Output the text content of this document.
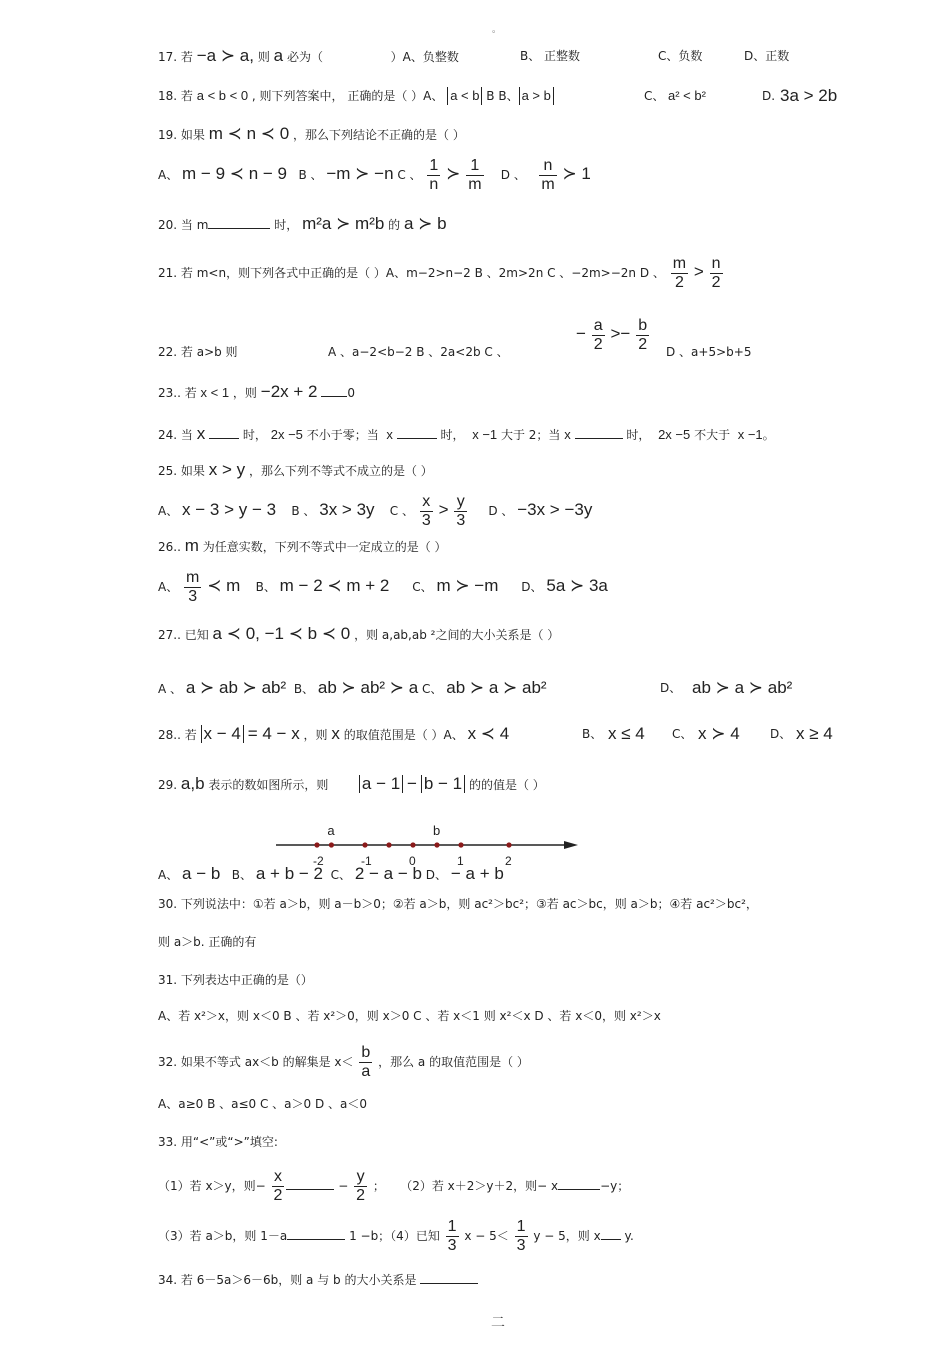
。
17. 若 −a ≻ a, 则 a 必为（	）A、负整数	B、 正整数	C、负数	D、正数
18. 若 a < b < 0 , 则下列答案中， 正确的是（ ）A、 a < b B B、 a > b	C、 a² < b²	D. 3a > 2b
19. 如果 m ≺ n ≺ 0 ，那么下列结论不正确的是（ ）
A、 m − 9 ≺ n − 9 B 、 −m ≻ −n C 、 $\frac{1}{n}$ ≻ $\frac{1}{m}$ D 、 $\frac{n}{m}$ ≻ 1
20. 当 m	时， m²a ≻ m²b 的 a ≻ b
21. 若 m<n，则下列各式中正确的是（ ）A、m−2>n−2 B 、2m>2n C 、−2m>−2n D 、 $\frac{m}{2} > \frac{n}{2}$
22. 若 a>b 则	A 、a−2<b−2 B 、2a<2b C 、
− $\frac{a}{2} >- \frac{b}{2}$ D 、a+5>b+5
23.. 若 x < 1 ，则 −2x + 2 0
24. 当 x	时， 2x −5 不小于零；当 x	时， x −1 大于 2；当 x	时， 2x −5 不大于 x −1。
25. 如果 x > y ，那么下列不等式不成立的是（ ）
A、 x − 3 > y − 3 B 、 3x > 3y C 、 $\frac{x}{3} > \frac{y}{3}$ D 、 −3x > −3y
26.. m 为任意实数，下列不等式中一定成立的是（ ）
A、 $\frac{m}{3}$ ≺ m B、 m − 2 ≺ m + 2 C、 m ≻ −m D、 5a ≻ 3a
27.. 已知 a ≺ 0, −1 ≺ b ≺ 0 ，则 a,ab,ab ²之间的大小关系是（ ）
A 、 a ≻ ab ≻ ab² B、 ab ≻ ab² ≻ a C、 ab ≻ a ≻ ab²	D、 ab ≻ a ≻ ab²
28.. 若 x − 4 = 4 − x ，则 x 的取值范围是（ ）A、 x ≺ 4	B、 x ≤ 4 C、 x ≻ 4	D、 x ≥ 4
29. a,b 表示的数如图所示，则 a − 1 − b − 1 的的值是（ ）
-2	-1	0	1	2
a	b
A、 a − b B、 a + b − 2 C、 2 − a − b D、 − a + b
30. 下列说法中：①若 a＞b，则 a－b＞0；②若 a＞b，则 ac²＞bc²；③若 ac＞bc，则 a＞b；④若 ac²＞bc²，
则 a＞b. 正确的有
31. 下列表达中正确的是（）
A、若 x²＞x，则 x＜0 B 、若 x²＞0，则 x＞0 C 、若 x＜1 则 x²＜x D 、若 x＜0，则 x²＞x
32. 如果不等式 ax＜b 的解集是 $x< \frac{b}{a}$ ，那么 a 的取值范围是（ ）
A、a≥0 B 、a≤0 C 、a＞0 D 、a＜0
33. 用“<”或“>”填空:
（1）若 x＞y，则− $\frac{x}{2}$	− $\frac{y}{2}$ ； （2）若 x＋2＞y＋2，则− x	−y；
（3）若 a＞b，则 1－a	1 −b；（4）已知 $\frac{1}{3}$ $x - 5< \frac{1}{3}$ y − 5，则 x y.
34. 若 6－5a＞6－6b，则 a 与 b 的大小关系是
二
